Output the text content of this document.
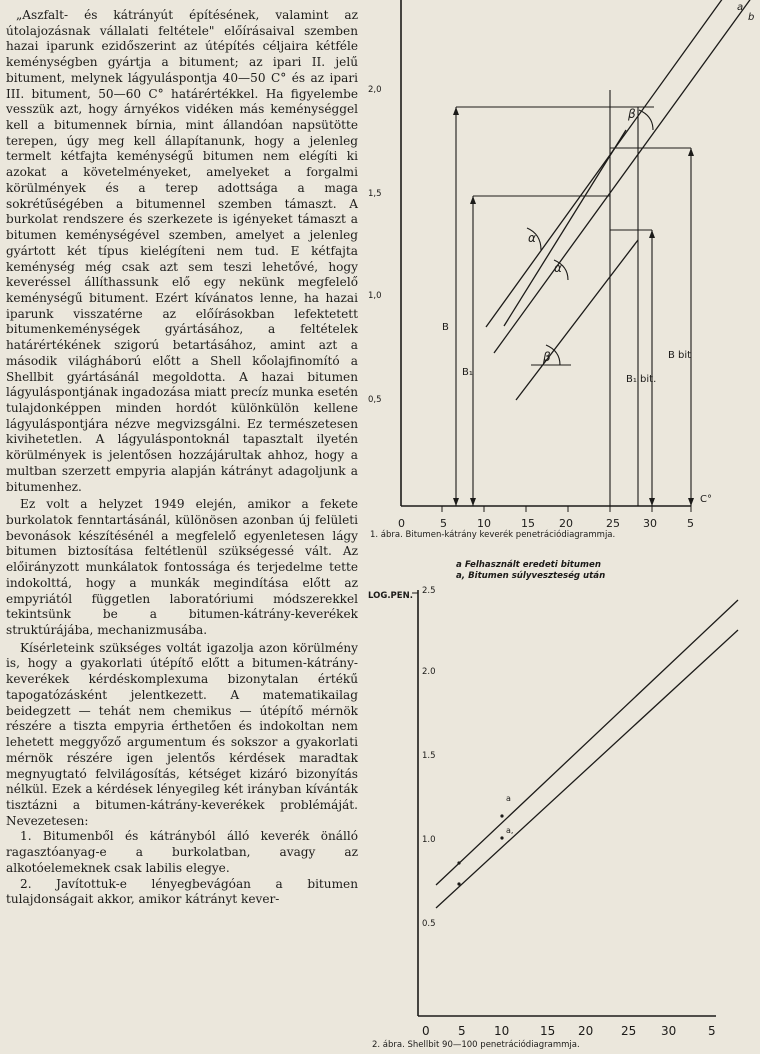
„Aszfalt- és kátrányút építésének, valamint az útolajozásnak vállalati feltétele" előírásaival szemben hazai iparunk ezidőszerint az útépítés céljaira kétféle keménységben gyártja a bitument; az ipari II. jelű bitument, melynek lágyuláspontja 40—50 C° és az ipari III. bitument, 50—60 C° határértékkel. Ha figyelembe vesszük azt, hogy árnyékos vidéken más keménységgel kell a bitumennek bírnia, mint állandóan napsütötte terepen, úgy meg kell állapítanunk, hogy a jelenleg termelt kétfajta keménységű bitumen nem elégíti ki azokat a követelményeket, amelyeket a forgalmi körülmények és a terep adottsága a maga sokrétűségében a bitumennel szemben támaszt. A burkolat rendszere és szerkezete is igényeket támaszt a bitumen keménységével szemben, amelyet a jelenleg gyártott két típus kielégíteni nem tud. E kétfajta keménység még csak azt sem teszi lehetővé, hogy keveréssel állíthassunk elő egy nekünk megfelelő keménységű bitument. Ezért kívánatos lenne, ha hazai iparunk visszatérne az előírásokban lefektetett bitumenkeménységek gyártásához, a feltételek határértékének szigorú betartásához, amint azt a második világháború előtt a Shell kőolajfinomító a Shellbit gyártásánál megoldotta. A hazai bitumen lágyuláspontjának ingadozása miatt precíz munka esetén tulajdonképpen minden hordót különkülön kellene lágyuláspontjára nézve megvizsgálni. Ez természetesen kivihetetlen. A lágyuláspontoknál tapasztalt ilyetén körülmények is jelentősen hozzájárultak ahhoz, hogy a multban szerzett empyria alapján kátrányt adagoljunk a bitumenhez.

Ez volt a helyzet 1949 elején, amikor a fekete burkolatok fenntartásánál, különösen azonban új felületi bevonások készítésénél a megfelelő egyenletesen lágy bitumen biztosítása feltétlenül szükségessé vált. Az előirányzott munkálatok fontossága és terjedelme tette indokolttá, hogy a munkák megindítása előtt az empyriától független laboratóriumi módszerekkel tekintsünk be a bitumen-kátrány-keverékek struktúrájába, mechanizmusába.

Kísérleteink szükséges voltát igazolja azon körülmény is, hogy a gyakorlati útépítő előtt a bitumen-kátrány-keverékek kérdéskomplexuma bizonytalan értékű tapogatózásként jelentkezett. A matematikailag beidegzett — tehát nem chemikus — útépítő mérnök részére a tiszta empyria érthetően és indokoltan nem lehetett meggyőző argumentum és sokszor a gyakorlati mérnök részére igen jelentős kérdések maradtak megnyugtató felvilágosítás, kétséget kizáró bizonyítás nélkül. Ezek a kérdések lényegileg két irányban kívánták tisztázni a bitumen-kátrány-keverékek problémáját. Nevezetesen:

1. Bitumenből és kátrányból álló keverék önálló ragasztóanyag-e a burkolatban, avagy az alkotóelemeknek csak labilis elegye.

2. Javítottuk-e lényegbevágóan a bitumen tulajdonságait akkor, amikor kátrányt kever-

2,0
1,5
1,0
0,5
0	5	10	15 20	25 30	5
C°
a
b
β
α
α
β
B
B₁
B₁ bit.
B bit
1. ábra. Bitumen-kátrány keverék penetrációdiagrammja.
a Felhasznált eredeti bitumen
a, Bitumen súlyveszteség után
LOG.PEN. 2.5
2.0
1.5
1.0
0.5
0 5 10	15 20 25 30	5
a
a,
2. ábra. Shellbit 90—100 penetrációdiagrammja.
